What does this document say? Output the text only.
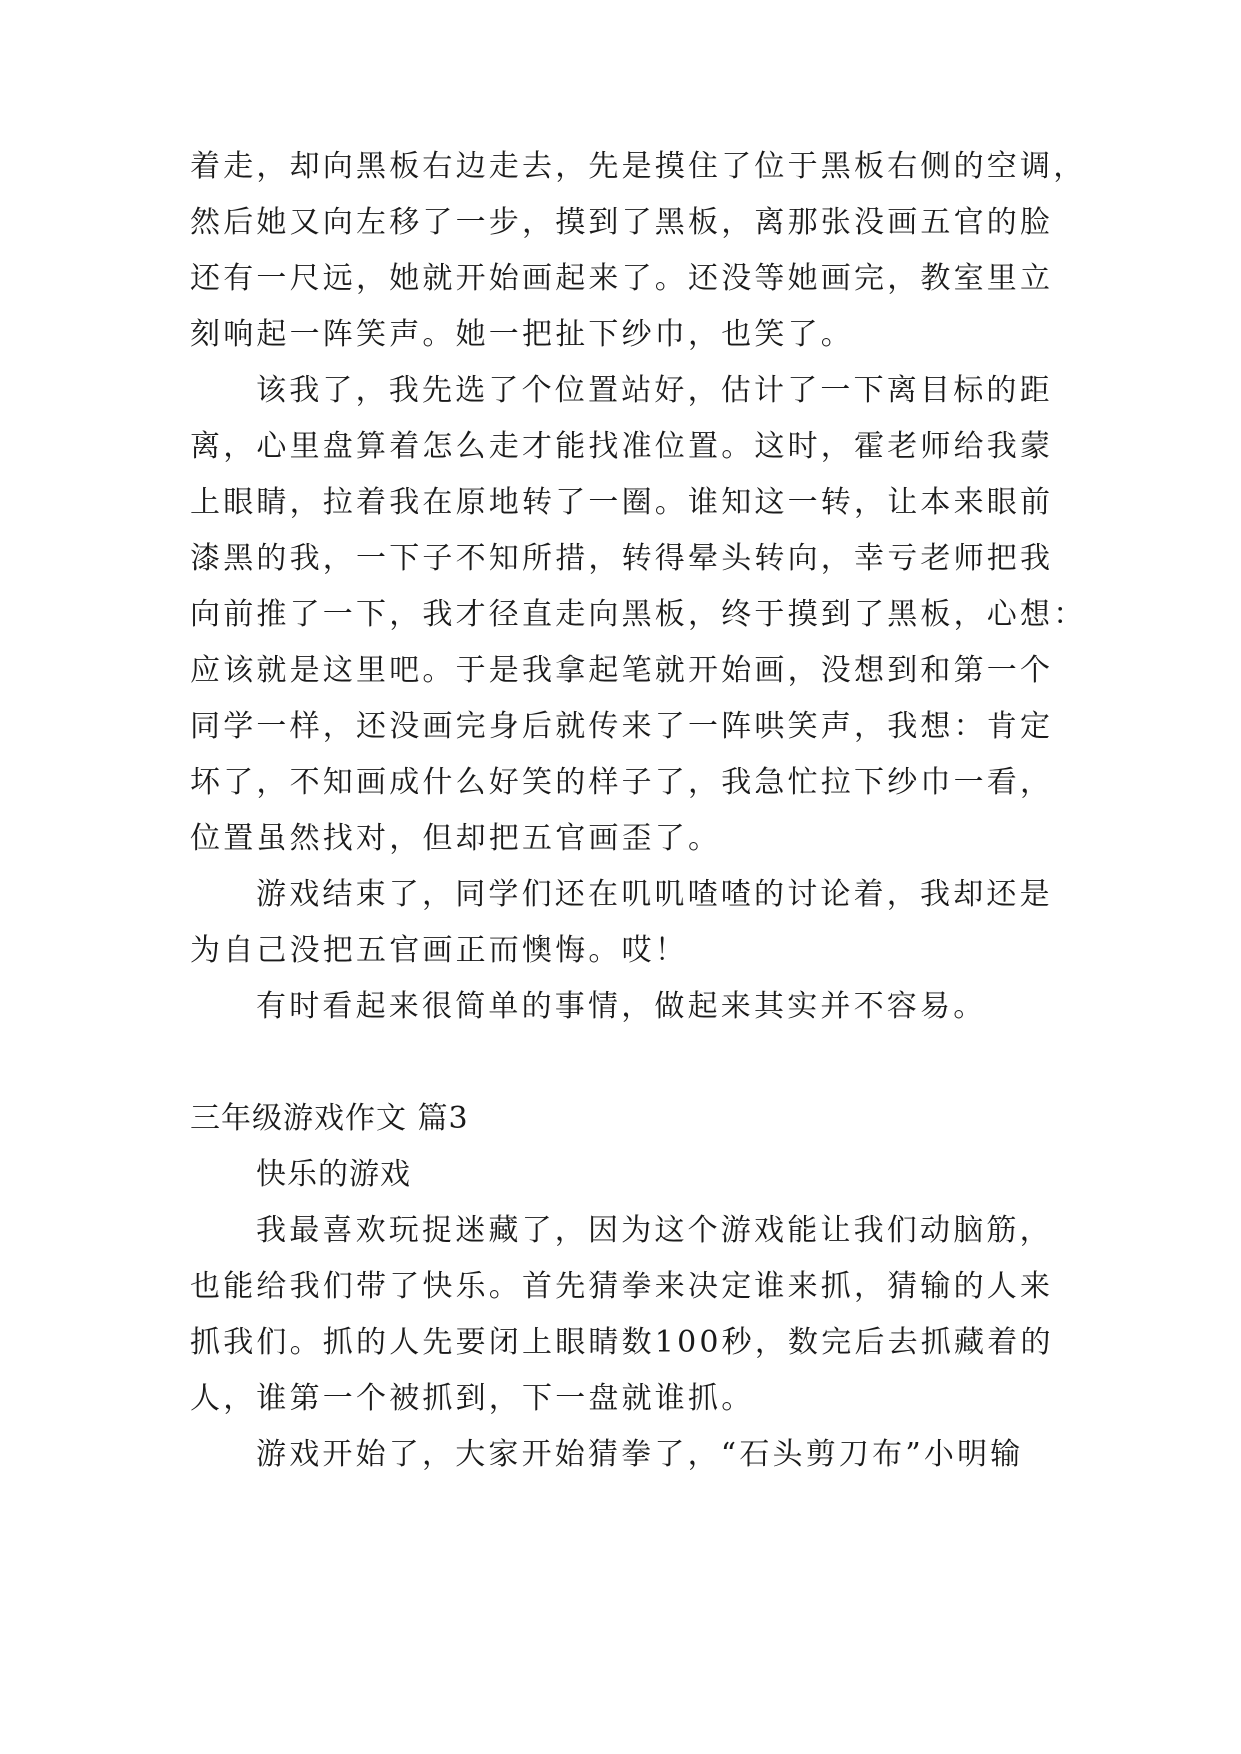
着走，却向黑板右边走去，先是摸住了位于黑板右侧的空调，
然后她又向左移了一步，摸到了黑板，离那张没画五官的脸
还有一尺远，她就开始画起来了。还没等她画完，教室里立
刻响起一阵笑声。她一把扯下纱巾，也笑了。
该我了，我先选了个位置站好，估计了一下离目标的距
离，心里盘算着怎么走才能找准位置。这时，霍老师给我蒙
上眼睛，拉着我在原地转了一圈。谁知这一转，让本来眼前
漆黑的我，一下子不知所措，转得晕头转向，幸亏老师把我
向前推了一下，我才径直走向黑板，终于摸到了黑板，心想：
应该就是这里吧。于是我拿起笔就开始画，没想到和第一个
同学一样，还没画完身后就传来了一阵哄笑声，我想：肯定
坏了，不知画成什么好笑的样子了，我急忙拉下纱巾一看，
位置虽然找对，但却把五官画歪了。
游戏结束了，同学们还在叽叽喳喳的讨论着，我却还是
为自己没把五官画正而懊悔。哎！
有时看起来很简单的事情，做起来其实并不容易。
三年级游戏作文 篇3
快乐的游戏
我最喜欢玩捉迷藏了，因为这个游戏能让我们动脑筋，
也能给我们带了快乐。首先猜拳来决定谁来抓，猜输的人来
抓我们。抓的人先要闭上眼睛数100秒，数完后去抓藏着的
人，谁第一个被抓到，下一盘就谁抓。
游戏开始了，大家开始猜拳了，“石头剪刀布”小明输
